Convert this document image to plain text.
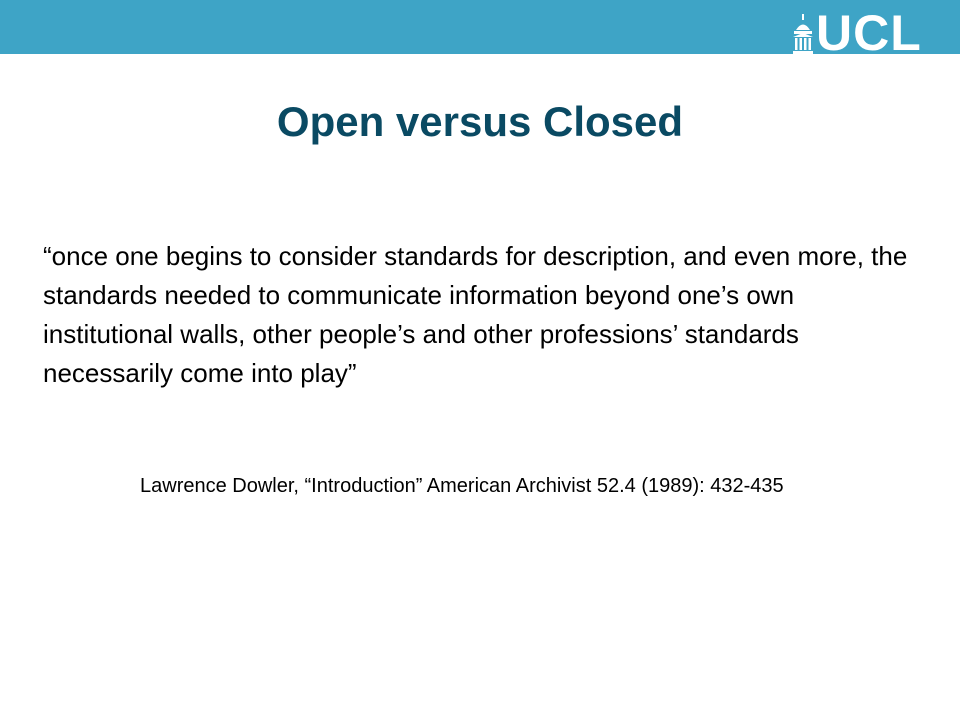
UCL
Open versus Closed

“once one begins to consider standards for description, and even more, the standards needed to communicate information beyond one’s own institutional walls, other people’s and other professions’ standards necessarily come into play”

Lawrence Dowler, “Introduction” American Archivist 52.4 (1989): 432-435
